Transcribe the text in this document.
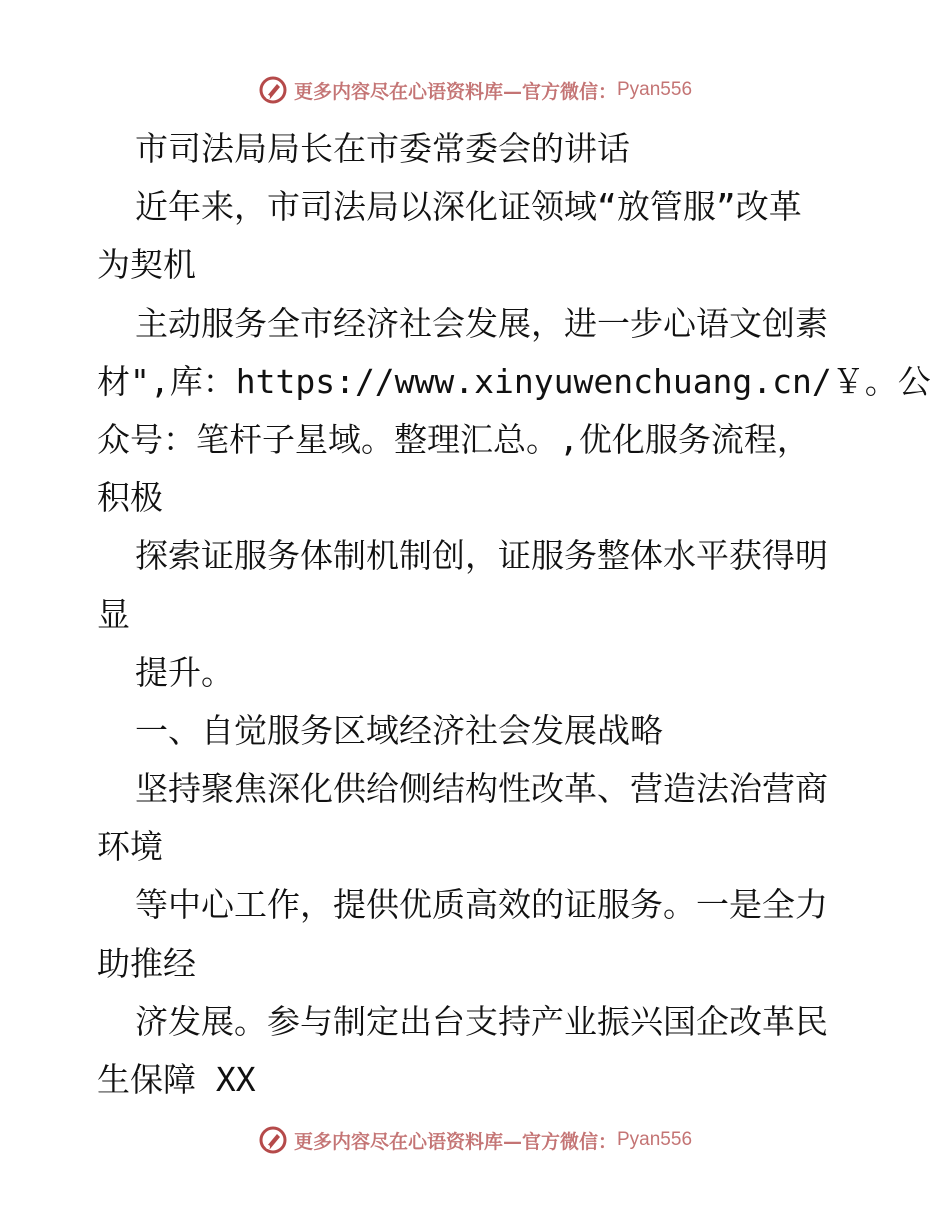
更多内容尽在心语资料库—官方微信： Pyan556
市司法局局长在市委常委会的讲话
近年来，市司法局以深化证领域“放管服”改革
为契机
主动服务全市经济社会发展，进一步心语文创素
材",库：https://www.xinyuwenchuang.cn/￥。公
众号：笔杆子星域。整理汇总。,优化服务流程，
积极
探索证服务体制机制创，证服务整体水平获得明
显
提升。
一、自觉服务区域经济社会发展战略
坚持聚焦深化供给侧结构性改革、营造法治营商
环境
等中心工作，提供优质高效的证服务。一是全力
助推经
济发展。参与制定出台支持产业振兴国企改革民
生保障 XX
更多内容尽在心语资料库—官方微信： Pyan556
